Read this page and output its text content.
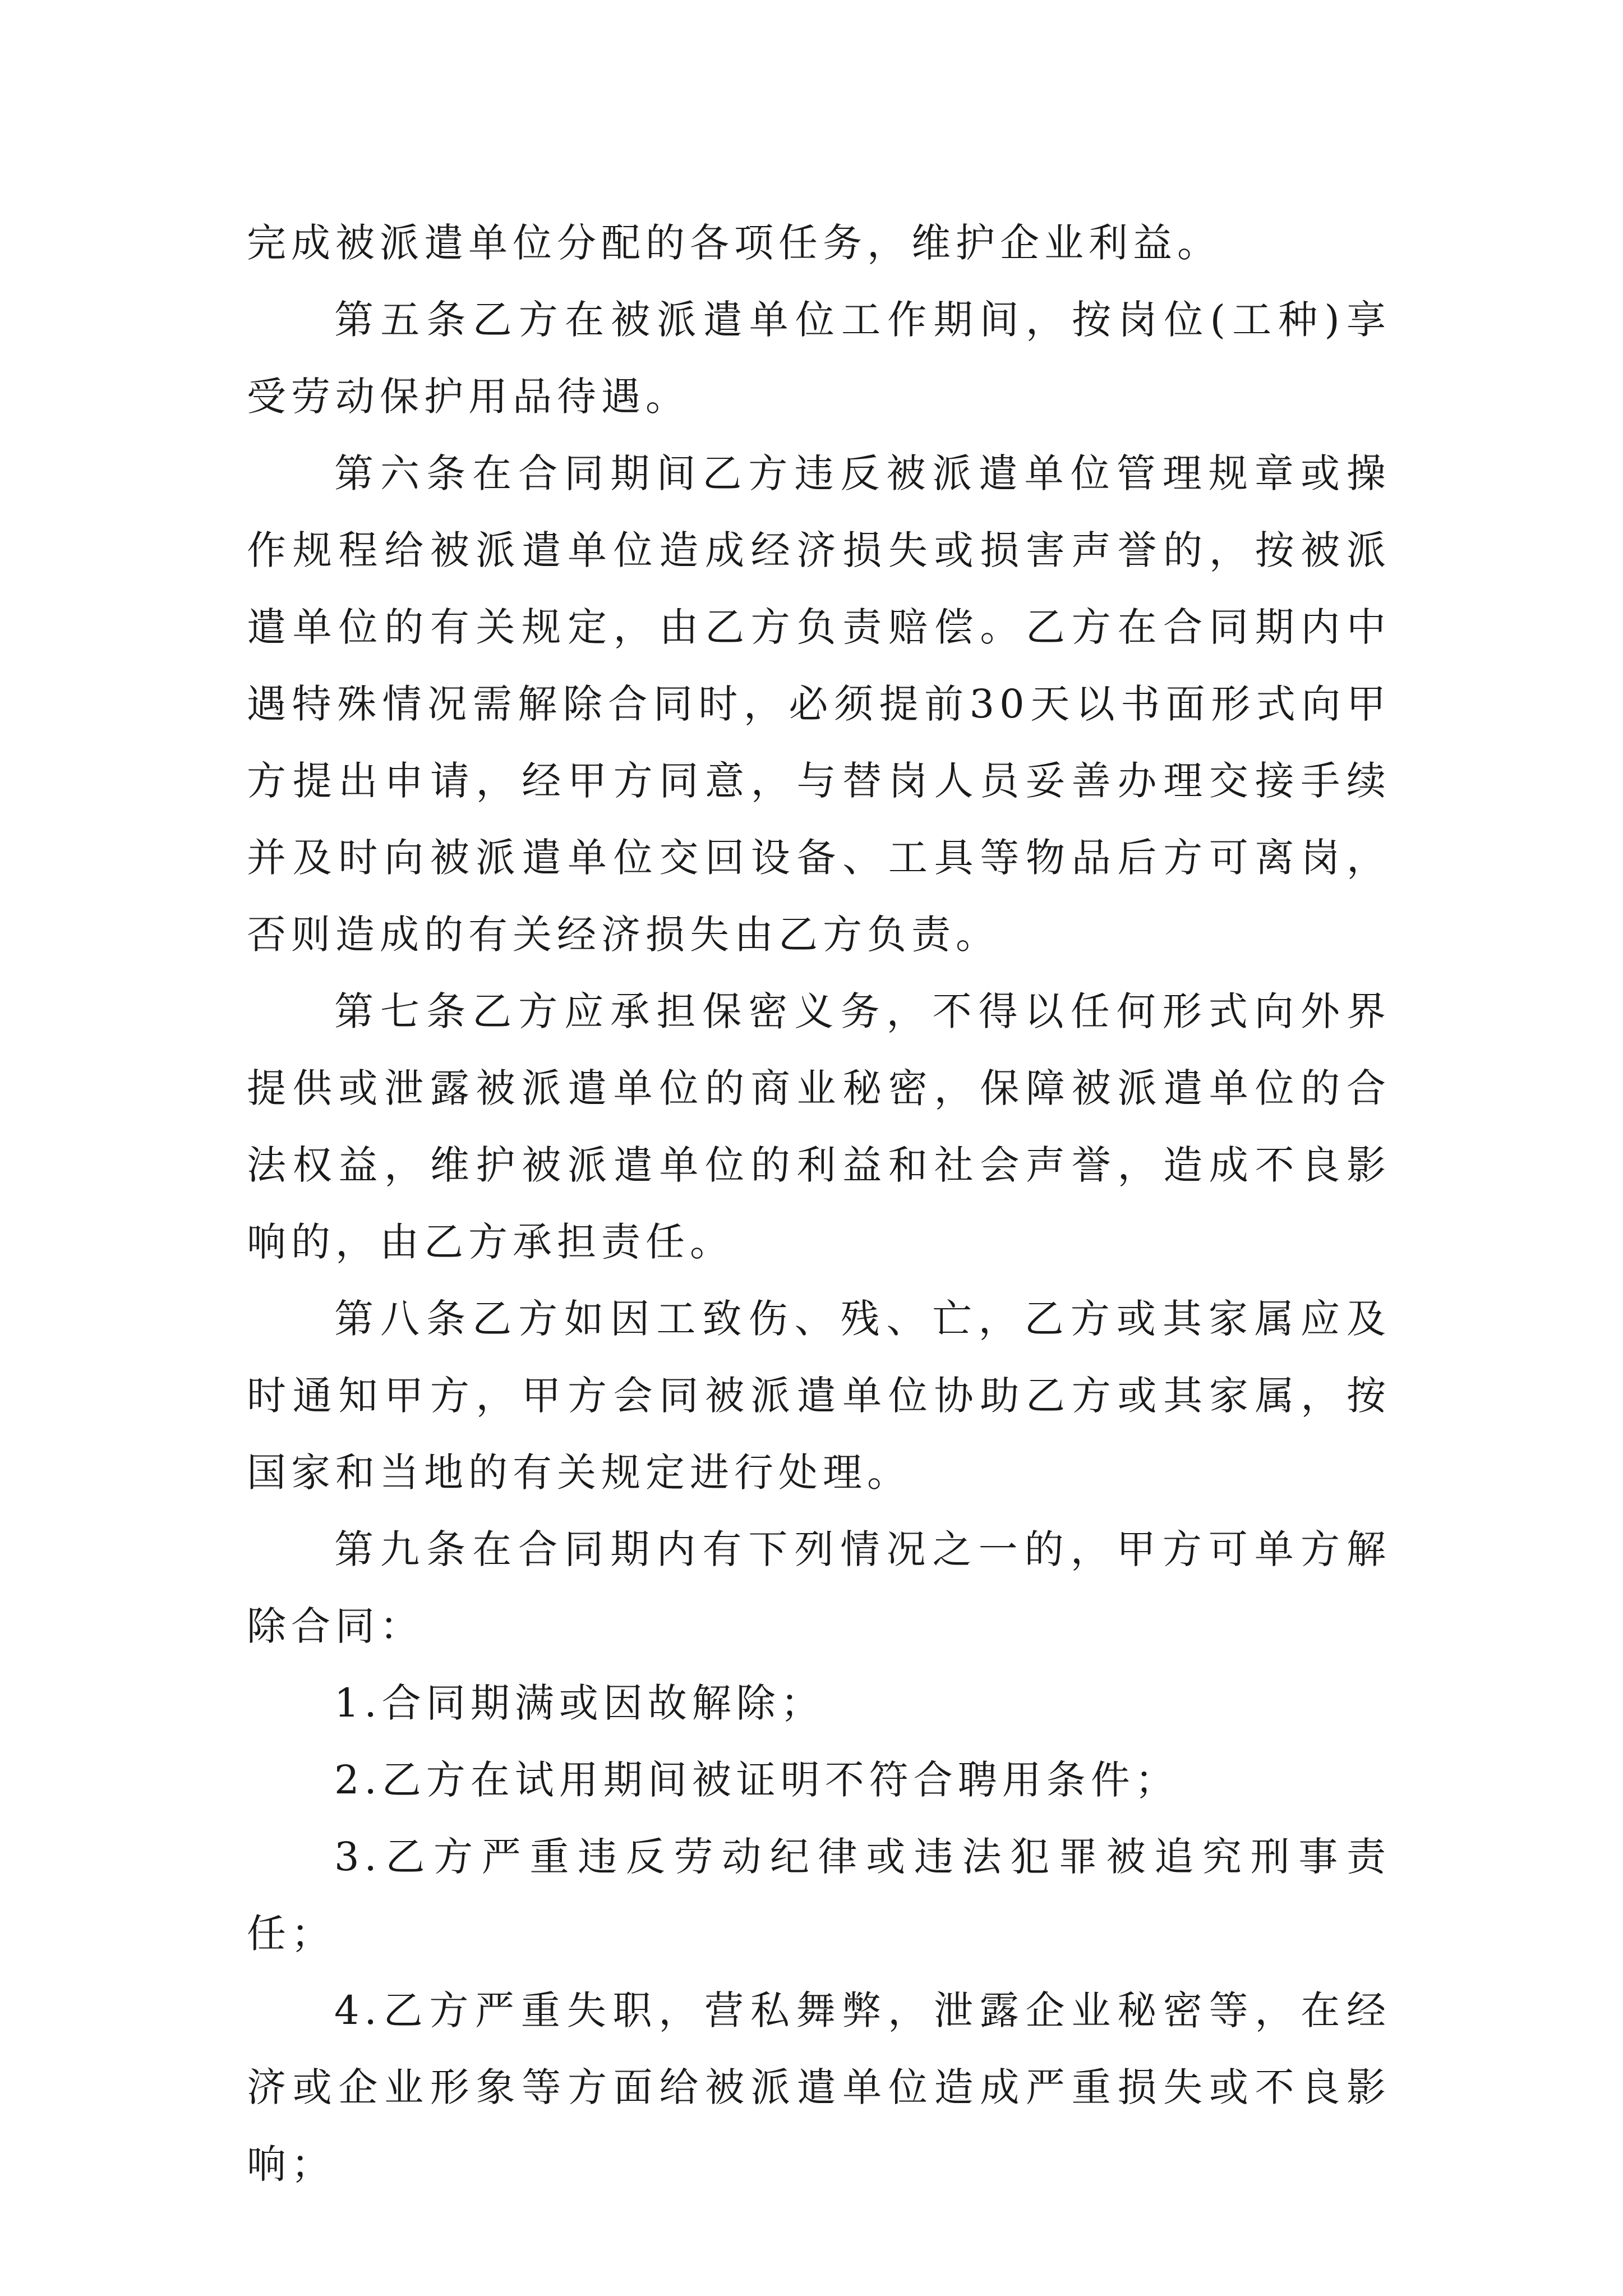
完成被派遣单位分配的各项任务，维护企业利益。

第五条乙方在被派遣单位工作期间，按岗位(工种)享受劳动保护用品待遇。

第六条在合同期间乙方违反被派遣单位管理规章或操作规程给被派遣单位造成经济损失或损害声誉的，按被派遣单位的有关规定，由乙方负责赔偿。乙方在合同期内中遇特殊情况需解除合同时，必须提前30天以书面形式向甲方提出申请，经甲方同意，与替岗人员妥善办理交接手续并及时向被派遣单位交回设备、工具等物品后方可离岗，否则造成的有关经济损失由乙方负责。

第七条乙方应承担保密义务，不得以任何形式向外界提供或泄露被派遣单位的商业秘密，保障被派遣单位的合法权益，维护被派遣单位的利益和社会声誉，造成不良影响的，由乙方承担责任。

第八条乙方如因工致伤、残、亡，乙方或其家属应及时通知甲方，甲方会同被派遣单位协助乙方或其家属，按国家和当地的有关规定进行处理。

第九条在合同期内有下列情况之一的，甲方可单方解除合同：

1.合同期满或因故解除；

2.乙方在试用期间被证明不符合聘用条件；

3.乙方严重违反劳动纪律或违法犯罪被追究刑事责任；

4.乙方严重失职，营私舞弊，泄露企业秘密等，在经济或企业形象等方面给被派遣单位造成严重损失或不良影响；
